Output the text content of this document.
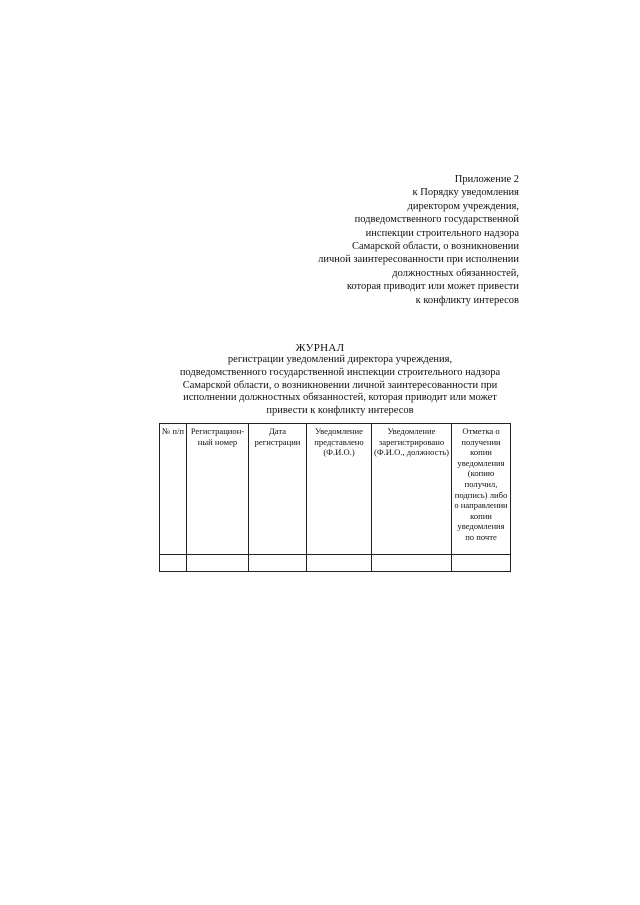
Приложение 2
к Порядку уведомления
директором учреждения,
подведомственного государственной
инспекции строительного надзора
Самарской области, о возникновении
личной заинтересованности при исполнении
должностных обязанностей,
которая приводит или может привести
к конфликту интересов
ЖУРНАЛ
регистрации уведомлений директора учреждения,
подведомственного государственной инспекции строительного надзора
Самарской области, о возникновении личной заинтересованности при
исполнении должностных обязанностей, которая приводит или может
привести к конфликту интересов
№ п/п	Регистрацион-ный номер	Дата регистрации	Уведомление представлено (Ф.И.О.)	Уведомление зарегистрировано (Ф.И.О., должность)	Отметка о получении копии уведомления (копию получил, подпись) либо о направлении копии уведомления по почте
